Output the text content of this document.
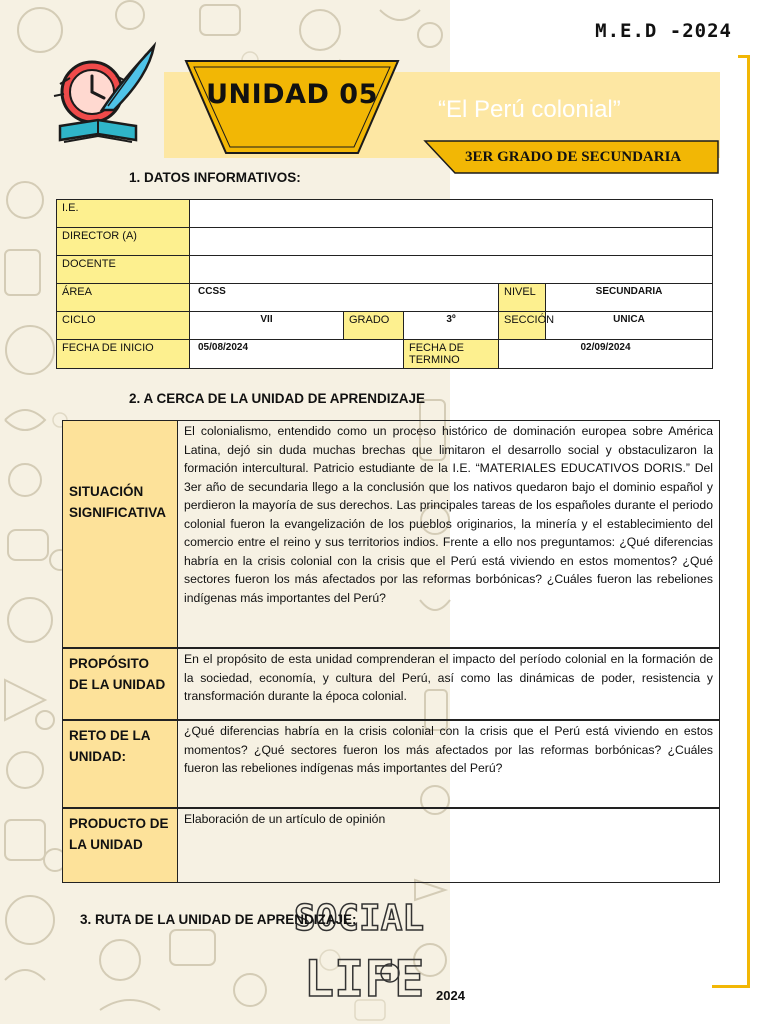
M.E.D -2024
“El Perú colonial”
UNIDAD 05
3ER GRADO DE SECUNDARIA
1. DATOS INFORMATIVOS:
I.E.					
DIRECTOR (A)					
DOCENTE					
ÁREA	CCSS			NIVEL	SECUNDARIA
CICLO	VII	GRADO	3º	SECCIÓN	UNICA
FECHA DE INICIO	05/08/2024		FECHA DE TERMINO	02/09/2024	
2. A CERCA DE LA UNIDAD DE APRENDIZAJE
SITUACIÓN SIGNIFICATIVA
El colonialismo, entendido como un proceso histórico de dominación europea sobre América Latina, dejó sin duda muchas brechas que limitaron el desarrollo social y obstaculizaron la formación intercultural. Patricio estudiante de la I.E. “MATERIALES EDUCATIVOS DORIS.” Del 3er año de secundaria llego a la conclusión que los nativos quedaron bajo el dominio español y perdieron la mayoría de sus derechos. Las principales tareas de los españoles durante el periodo colonial fueron la evangelización de los pueblos originarios, la minería y el establecimiento del comercio entre el reino y sus territorios indios. Frente a ello nos preguntamos: ¿Qué diferencias habría en la crisis colonial con la crisis que el Perú está viviendo en estos momentos? ¿Qué sectores fueron los más afectados por las reformas borbónicas? ¿Cuáles fueron las rebeliones indígenas más importantes del Perú?
PROPÓSITO DE LA UNIDAD
En el propósito de esta unidad comprenderan el impacto del período colonial en la formación de la sociedad, economía, y cultura del Perú, así como las dinámicas de poder, resistencia y transformación durante la época colonial.
RETO DE LA UNIDAD:
¿Qué diferencias habría en la crisis colonial con la crisis que el Perú está viviendo en estos momentos? ¿Qué sectores fueron los más afectados por las reformas borbónicas? ¿Cuáles fueron las rebeliones indígenas más importantes del Perú?
PRODUCTO DE LA UNIDAD
Elaboración de un artículo de opinión
SOCIAL
LIFE
3. RUTA DE LA UNIDAD DE APRENDIZAJE:
2024
